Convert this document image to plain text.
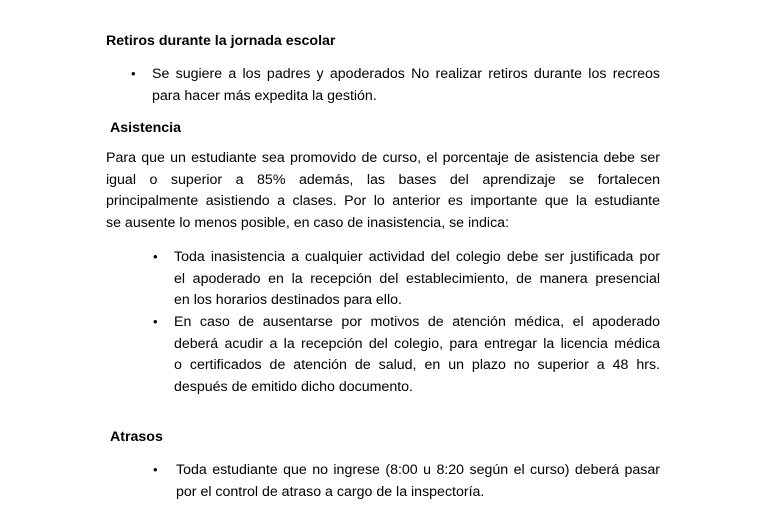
Retiros durante la jornada escolar
• Se sugiere a los padres y apoderados No realizar retiros durante los recreos
para hacer más expedita la gestión.
Asistencia
Para que un estudiante sea promovido de curso, el porcentaje de asistencia debe ser
igual o superior a 85% además, las bases del aprendizaje se fortalecen
principalmente asistiendo a clases. Por lo anterior es importante que la estudiante
se ausente lo menos posible, en caso de inasistencia, se indica:
• Toda inasistencia a cualquier actividad del colegio debe ser justificada por
el apoderado en la recepción del establecimiento, de manera presencial
en los horarios destinados para ello.
• En caso de ausentarse por motivos de atención médica, el apoderado
deberá acudir a la recepción del colegio, para entregar la licencia médica
o certificados de atención de salud, en un plazo no superior a 48 hrs.
después de emitido dicho documento.
Atrasos
• Toda estudiante que no ingrese (8:00 u 8:20 según el curso) deberá pasar
por el control de atraso a cargo de la inspectoría.
